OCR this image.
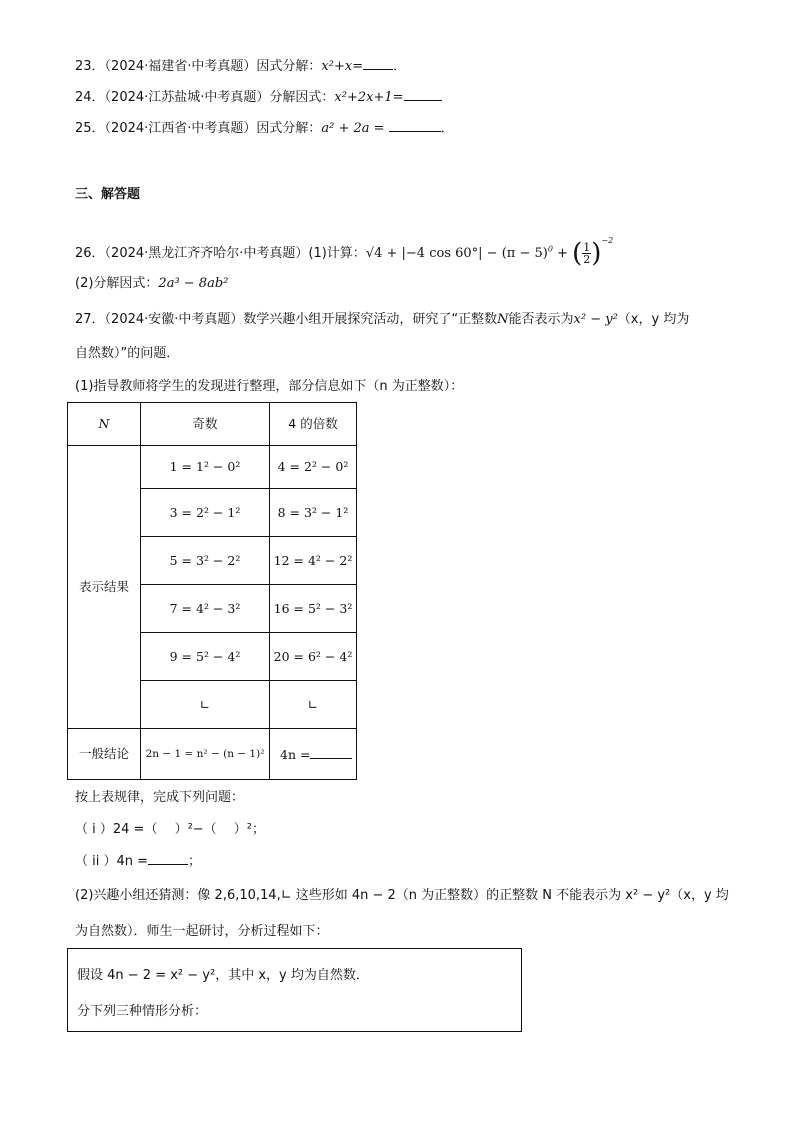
23．（2024·福建省·中考真题）因式分解：x²+x= ．
24．（2024·江苏盐城·中考真题）分解因式：x²+2x+1=
25．（2024·江西省·中考真题）因式分解：a² + 2a =	．
三、解答题
26．（2024·黑龙江齐齐哈尔·中考真题）(1)计算：√4 + |−4 $\cos 60^\circ| - (\pi - 5)^0$ + ( $\frac{1}{2} )^{-2}$
(2)分解因式：2a³ − 8ab²
27．（2024·安徽·中考真题）数学兴趣小组开展探究活动，研究了“正整数N能否表示为x² − y²（x，y 均为
自然数）”的问题．
(1)指导教师将学生的发现进行整理，部分信息如下（n 为正整数）：
N	奇数	4 的倍数
表示结果	1 = 1² − 0²	4 = 2² − 0²
	3 = 2² − 1²	8 = 3² − 1²
	5 = 3² − 2²	12 = 4² − 2²
	7 = 4² − 3²	16 = 5² − 3²
	9 = 5² − 4²	20 = 6² − 4²
	∟	∟
一般结论	2n − 1 = n² − (n − 1)²	4n =
按上表规律，完成下列问题：
（ i ）24 =（　 ）²−（　 ）²；
（ ii ）4n =	；
(2)兴趣小组还猜测：像 2,6,10,14,∟ 这些形如 4n − 2（n 为正整数）的正整数 N 不能表示为 x² − y²（x，y 均
为自然数）．师生一起研讨，分析过程如下：
假设 4n − 2 = x² − y²，其中 x，y 均为自然数．
分下列三种情形分析：
